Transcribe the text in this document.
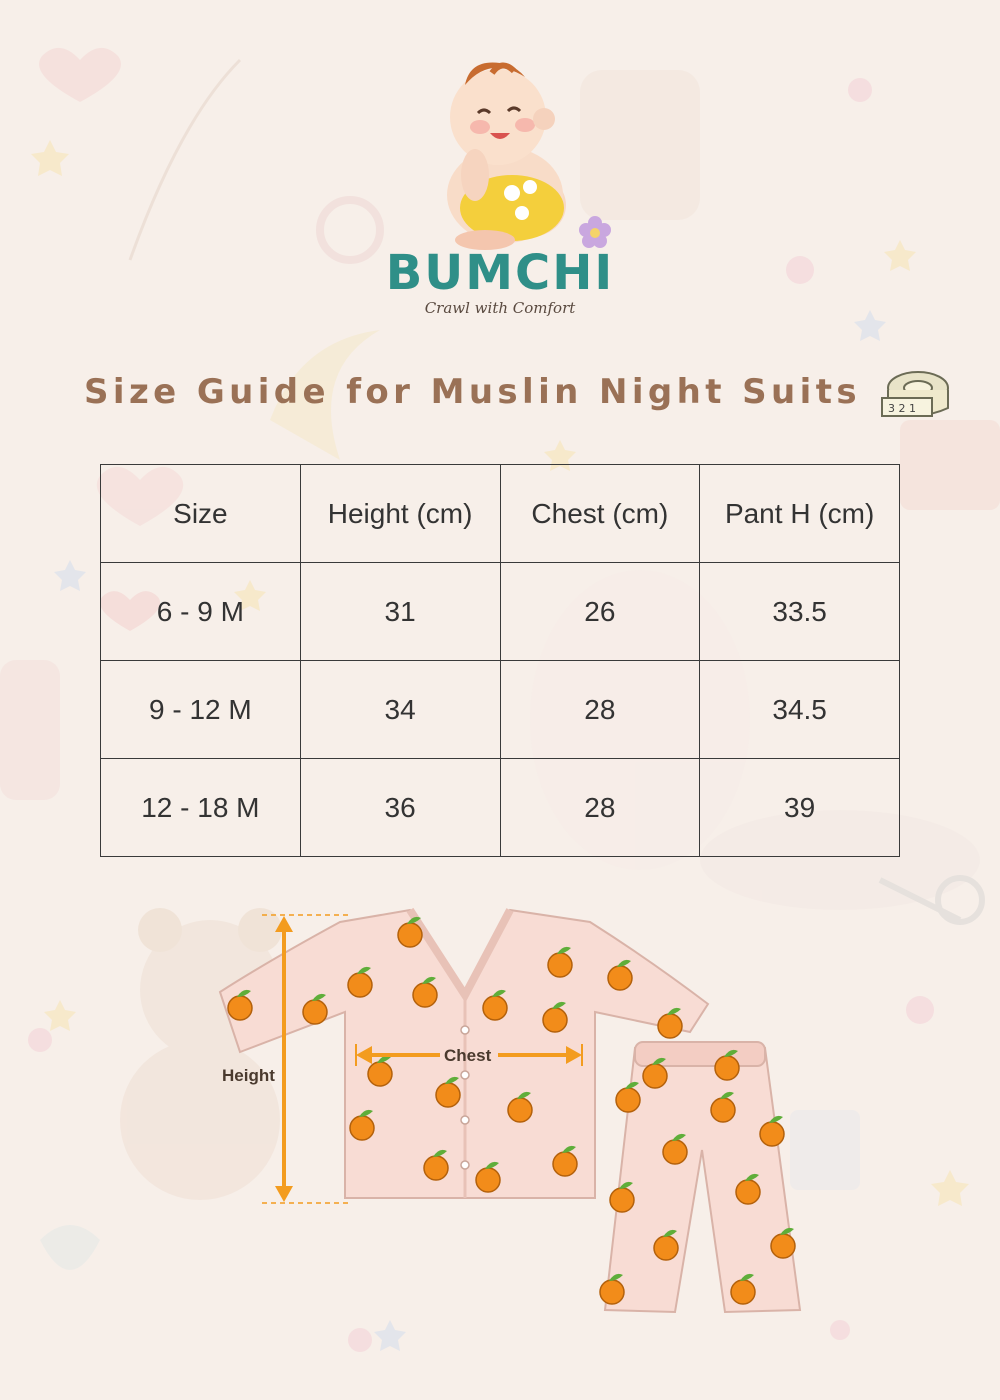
BUMCHI
Crawl with Comfort
Size Guide for Muslin Night Suits	3 2 1
Size	Height (cm)	Chest (cm)	Pant H (cm)
6 - 9 M	31	26	33.5
9 - 12 M	34	28	34.5
12 - 18 M	36	28	39
Height
Chest
